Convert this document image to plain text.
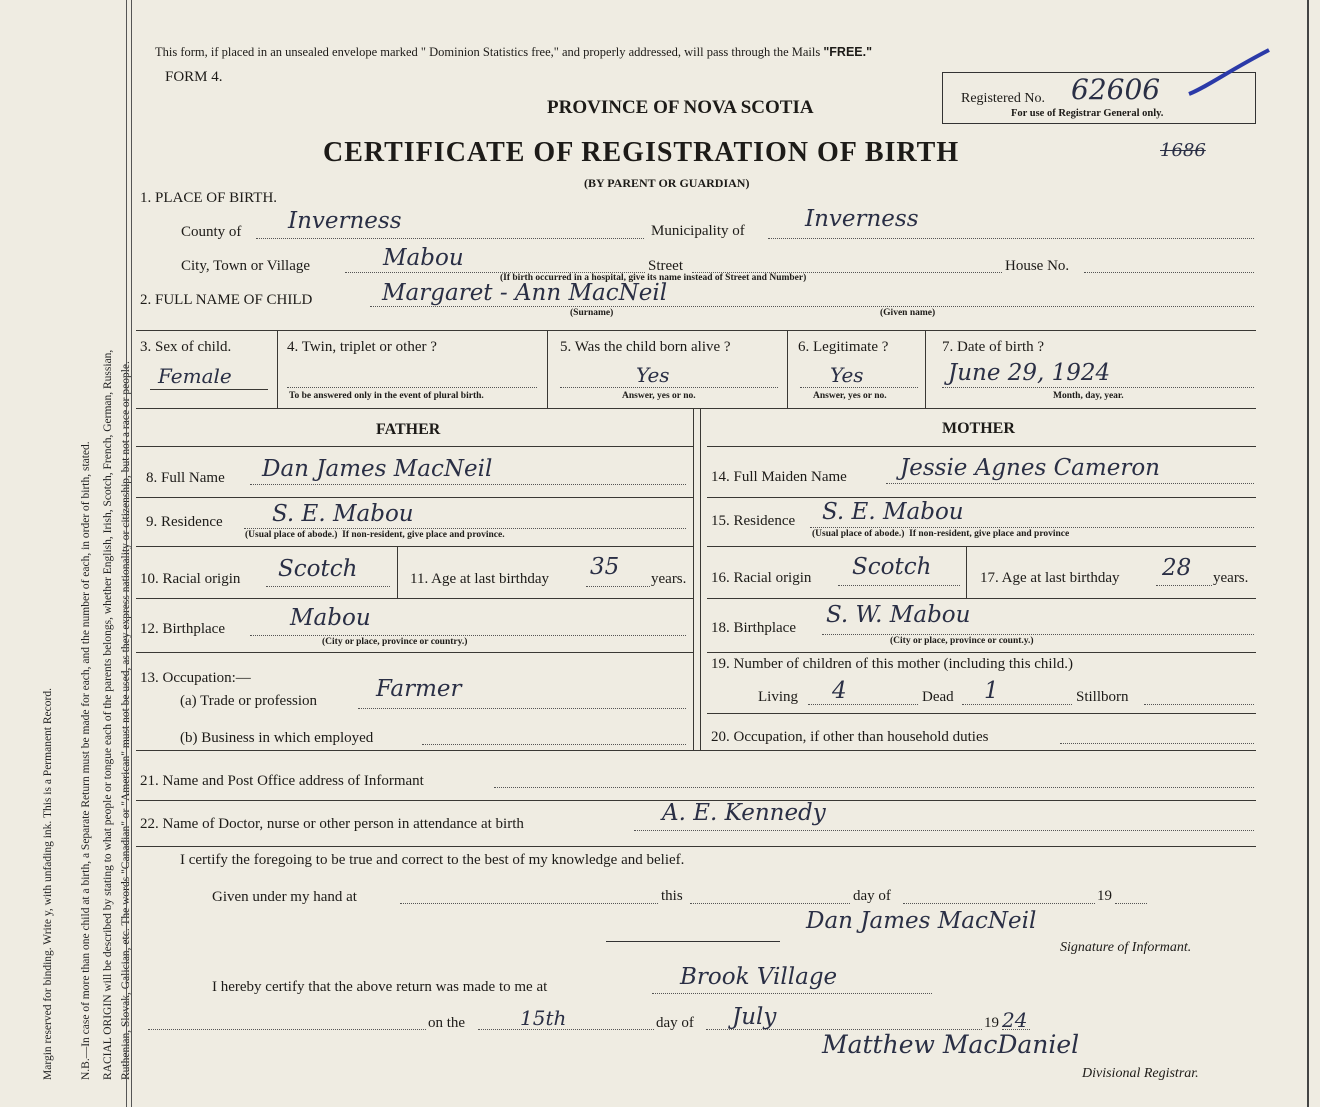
Margin reserved for binding. Write y, with unfading ink. This is a Permanent Record. N.B.—In case of more than one child at a birth, a Separate Return must be made for each, and the number of each, in order of birth, stated. RACIAL ORIGIN will be described by stating to what people or tongue each of the parents belongs, whether English, Irish, Scotch, French, German, Russian, Ruthenian, Slovak, Galician, etc. The words "Canadian" or "American" must not be used, as they express nationality or citizenship, but not a race or people.
This form, if placed in an unsealed envelope marked " Dominion Statistics free," and properly addressed, will pass through the Mails "FREE."
FORM 4.
PROVINCE OF NOVA SCOTIA
CERTIFICATE OF REGISTRATION OF BIRTH
(BY PARENT OR GUARDIAN)
Registered No. 62606
For use of Registrar General only.
1686
1. PLACE OF BIRTH.
County of Inverness	Municipality of	Inverness
City, Town or Village	Mabou	Street	House No.
(If birth occurred in a hospital, give its name instead of Street and Number)
2. FULL NAME OF CHILD	Margaret - Ann MacNeil
(Surname)	(Given name)
3. Sex of child.
Female
4. Twin, triplet or other ?
To be answered only in the event of plural birth.
5. Was the child born alive ?
Yes
Answer, yes or no.
6. Legitimate ?
Yes
Answer, yes or no.
7. Date of birth ?
June 29, 1924
Month, day, year.
FATHER	MOTHER
8. Full Name Dan James MacNeil
9. Residence S. E. Mabou
(Usual place of abode.) If non-resident, give place and province.
10. Racial origin Scotch	11. Age at last birthday 35 years.
12. Birthplace	Mabou
(City or place, province or country.)
13. Occupation:—
(a) Trade or profession	Farmer
(b) Business in which employed
14. Full Maiden Name Jessie Agnes Cameron
15. Residence S. E. Mabou
(Usual place of abode.) If non-resident, give place and province
16. Racial origin Scotch	17. Age at last birthday 28 years.
18. Birthplace S. W. Mabou
(City or place, province or count.y.)
19. Number of children of this mother (including this child.)
Living 4	Dead 1	Stillborn
20. Occupation, if other than household duties
21. Name and Post Office address of Informant
22. Name of Doctor, nurse or other person in attendance at birth	A. E. Kennedy
I certify the foregoing to be true and correct to the best of my knowledge and belief.
Given under my hand at	this	day of	19
Dan James MacNeil
Signature of Informant.
I hereby certify that the above return was made to me at	Brook Village
on the	15th	day of July	19 24
Matthew MacDaniel
Divisional Registrar.
